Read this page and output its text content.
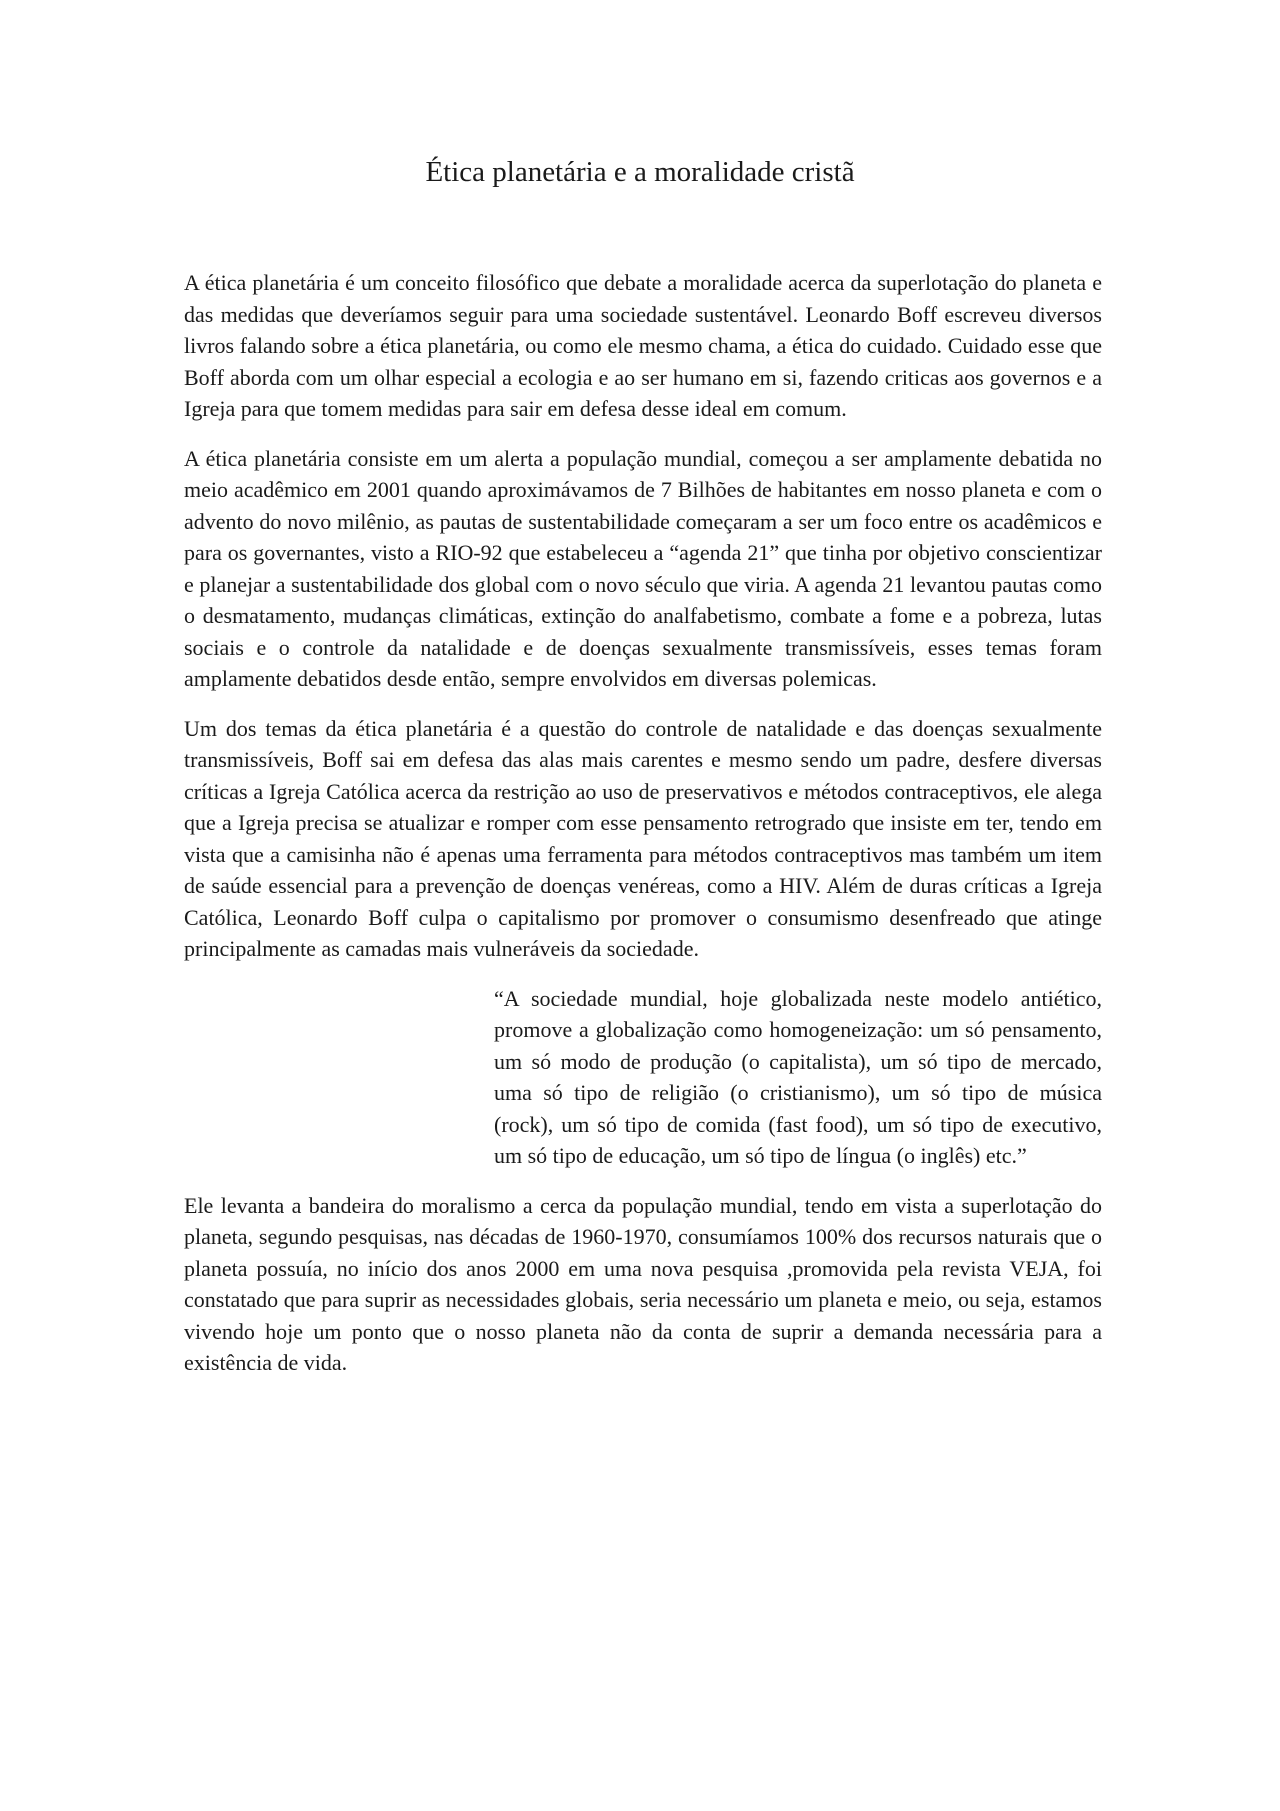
Ética planetária e a moralidade cristã

A ética planetária é um conceito filosófico que debate a moralidade acerca da superlotação do planeta e das medidas que deveríamos seguir para uma sociedade sustentável. Leonardo Boff escreveu diversos livros falando sobre a ética planetária, ou como ele mesmo chama, a ética do cuidado. Cuidado esse que Boff aborda com um olhar especial a ecologia e ao ser humano em si, fazendo criticas aos governos e a Igreja para que tomem medidas para sair em defesa desse ideal em comum.

A ética planetária consiste em um alerta a população mundial, começou a ser amplamente debatida no meio acadêmico em 2001 quando aproximávamos de 7 Bilhões de habitantes em nosso planeta e com o advento do novo milênio, as pautas de sustentabilidade começaram a ser um foco entre os acadêmicos e para os governantes, visto a RIO-92 que estabeleceu a “agenda 21” que tinha por objetivo conscientizar e planejar a sustentabilidade dos global com o novo século que viria. A agenda 21 levantou pautas como o desmatamento, mudanças climáticas, extinção do analfabetismo, combate a fome e a pobreza, lutas sociais e o controle da natalidade e de doenças sexualmente transmissíveis, esses temas foram amplamente debatidos desde então, sempre envolvidos em diversas polemicas.

Um dos temas da ética planetária é a questão do controle de natalidade e das doenças sexualmente transmissíveis, Boff sai em defesa das alas mais carentes e mesmo sendo um padre, desfere diversas críticas a Igreja Católica acerca da restrição ao uso de preservativos e métodos contraceptivos, ele alega que a Igreja precisa se atualizar e romper com esse pensamento retrogrado que insiste em ter, tendo em vista que a camisinha não é apenas uma ferramenta para métodos contraceptivos mas também um item de saúde essencial para a prevenção de doenças venéreas, como a HIV. Além de duras críticas a Igreja Católica, Leonardo Boff culpa o capitalismo por promover o consumismo desenfreado que atinge principalmente as camadas mais vulneráveis da sociedade.

“A sociedade mundial, hoje globalizada neste modelo antiético, promove a globalização como homogeneização: um só pensamento, um só modo de produção (o capitalista), um só tipo de mercado, uma só tipo de religião (o cristianismo), um só tipo de música (rock), um só tipo de comida (fast food), um só tipo de executivo, um só tipo de educação, um só tipo de língua (o inglês) etc.”

Ele levanta a bandeira do moralismo a cerca da população mundial, tendo em vista a superlotação do planeta, segundo pesquisas, nas décadas de 1960-1970, consumíamos 100% dos recursos naturais que o planeta possuía, no início dos anos 2000 em uma nova pesquisa ,promovida pela revista VEJA, foi constatado que para suprir as necessidades globais, seria necessário um planeta e meio, ou seja, estamos vivendo hoje um ponto que o nosso planeta não da conta de suprir a demanda necessária para a existência de vida.
